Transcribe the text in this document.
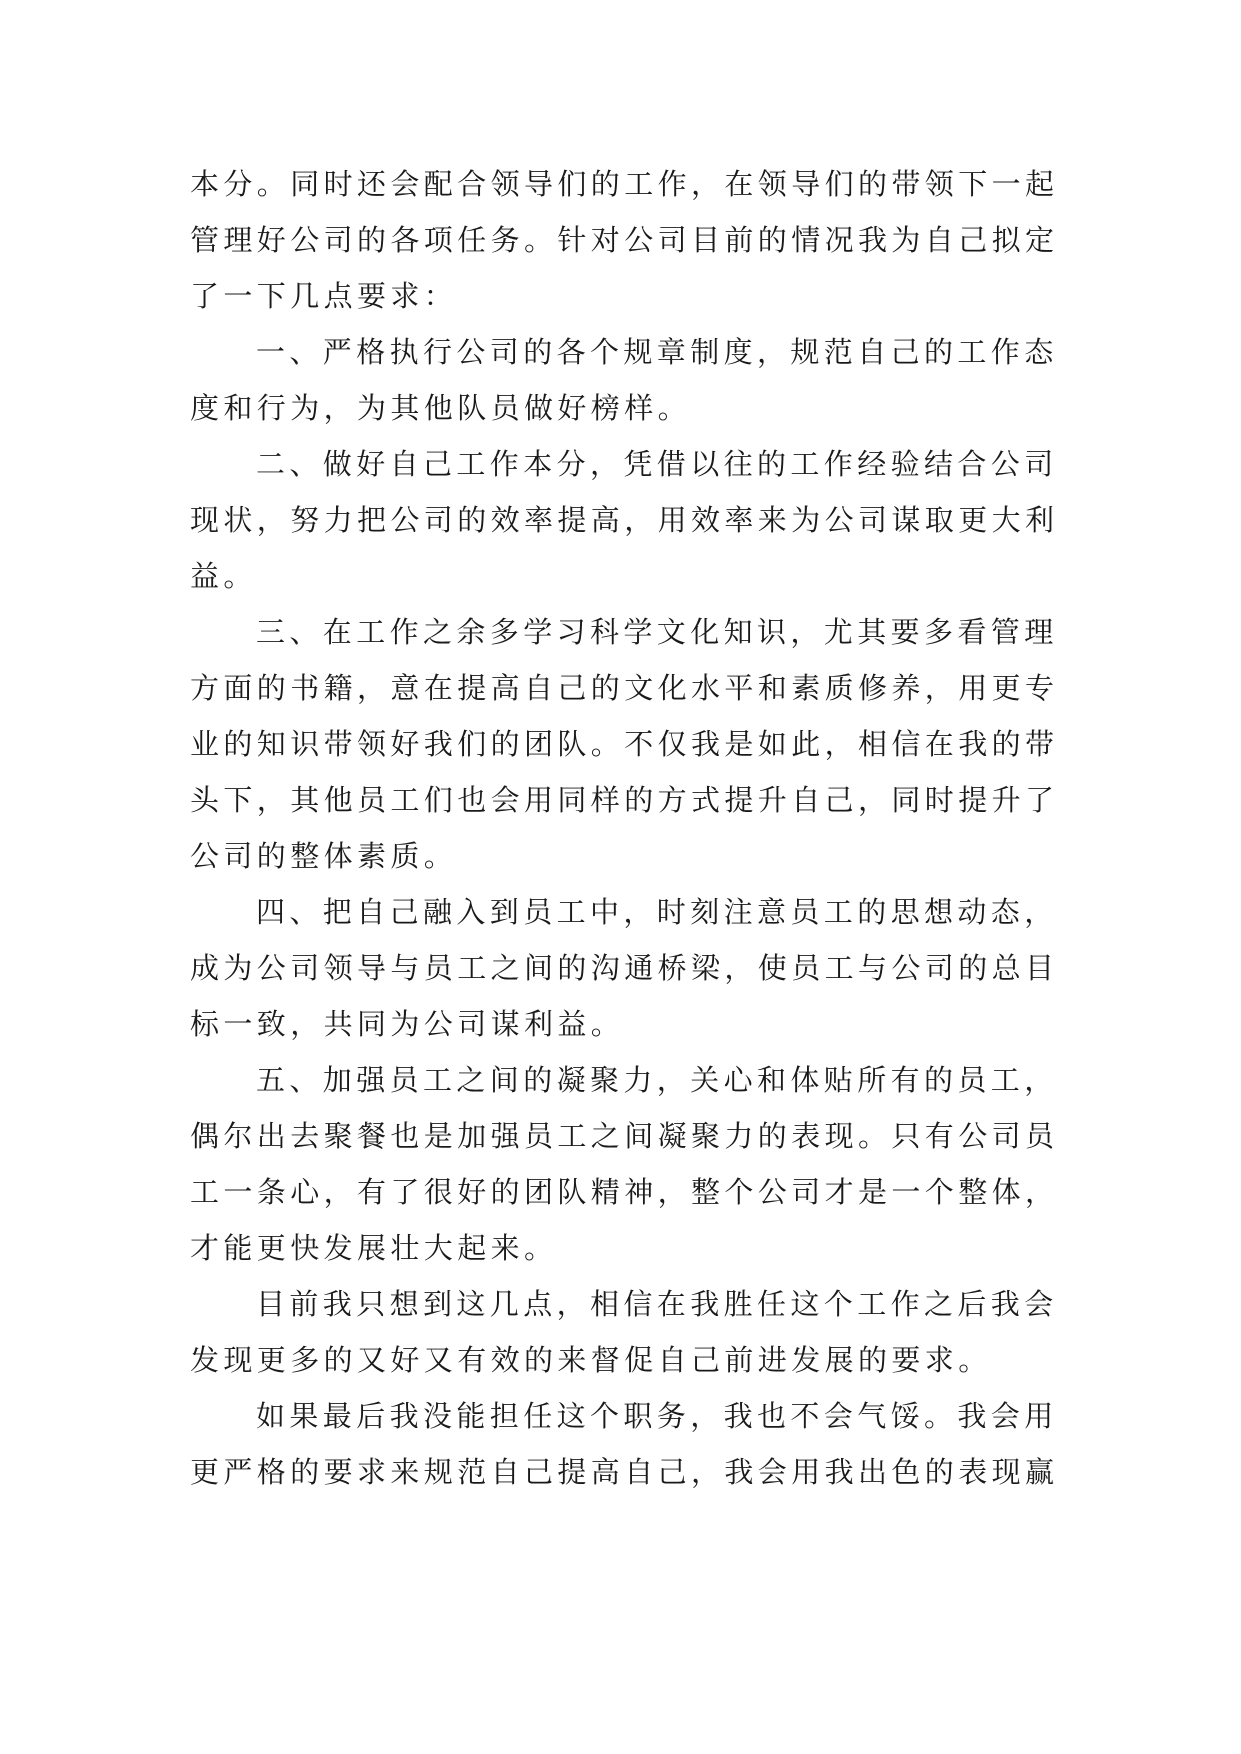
本分。同时还会配合领导们的工作，在领导们的带领下一起
管理好公司的各项任务。针对公司目前的情况我为自己拟定
了一下几点要求：
一、严格执行公司的各个规章制度，规范自己的工作态
度和行为，为其他队员做好榜样。
二、做好自己工作本分，凭借以往的工作经验结合公司
现状，努力把公司的效率提高，用效率来为公司谋取更大利
益。
三、在工作之余多学习科学文化知识，尤其要多看管理
方面的书籍，意在提高自己的文化水平和素质修养，用更专
业的知识带领好我们的团队。不仅我是如此，相信在我的带
头下，其他员工们也会用同样的方式提升自己，同时提升了
公司的整体素质。
四、把自己融入到员工中，时刻注意员工的思想动态，
成为公司领导与员工之间的沟通桥梁，使员工与公司的总目
标一致，共同为公司谋利益。
五、加强员工之间的凝聚力，关心和体贴所有的员工，
偶尔出去聚餐也是加强员工之间凝聚力的表现。只有公司员
工一条心，有了很好的团队精神，整个公司才是一个整体，
才能更快发展壮大起来。
目前我只想到这几点，相信在我胜任这个工作之后我会
发现更多的又好又有效的来督促自己前进发展的要求。
如果最后我没能担任这个职务，我也不会气馁。我会用
更严格的要求来规范自己提高自己，我会用我出色的表现赢
